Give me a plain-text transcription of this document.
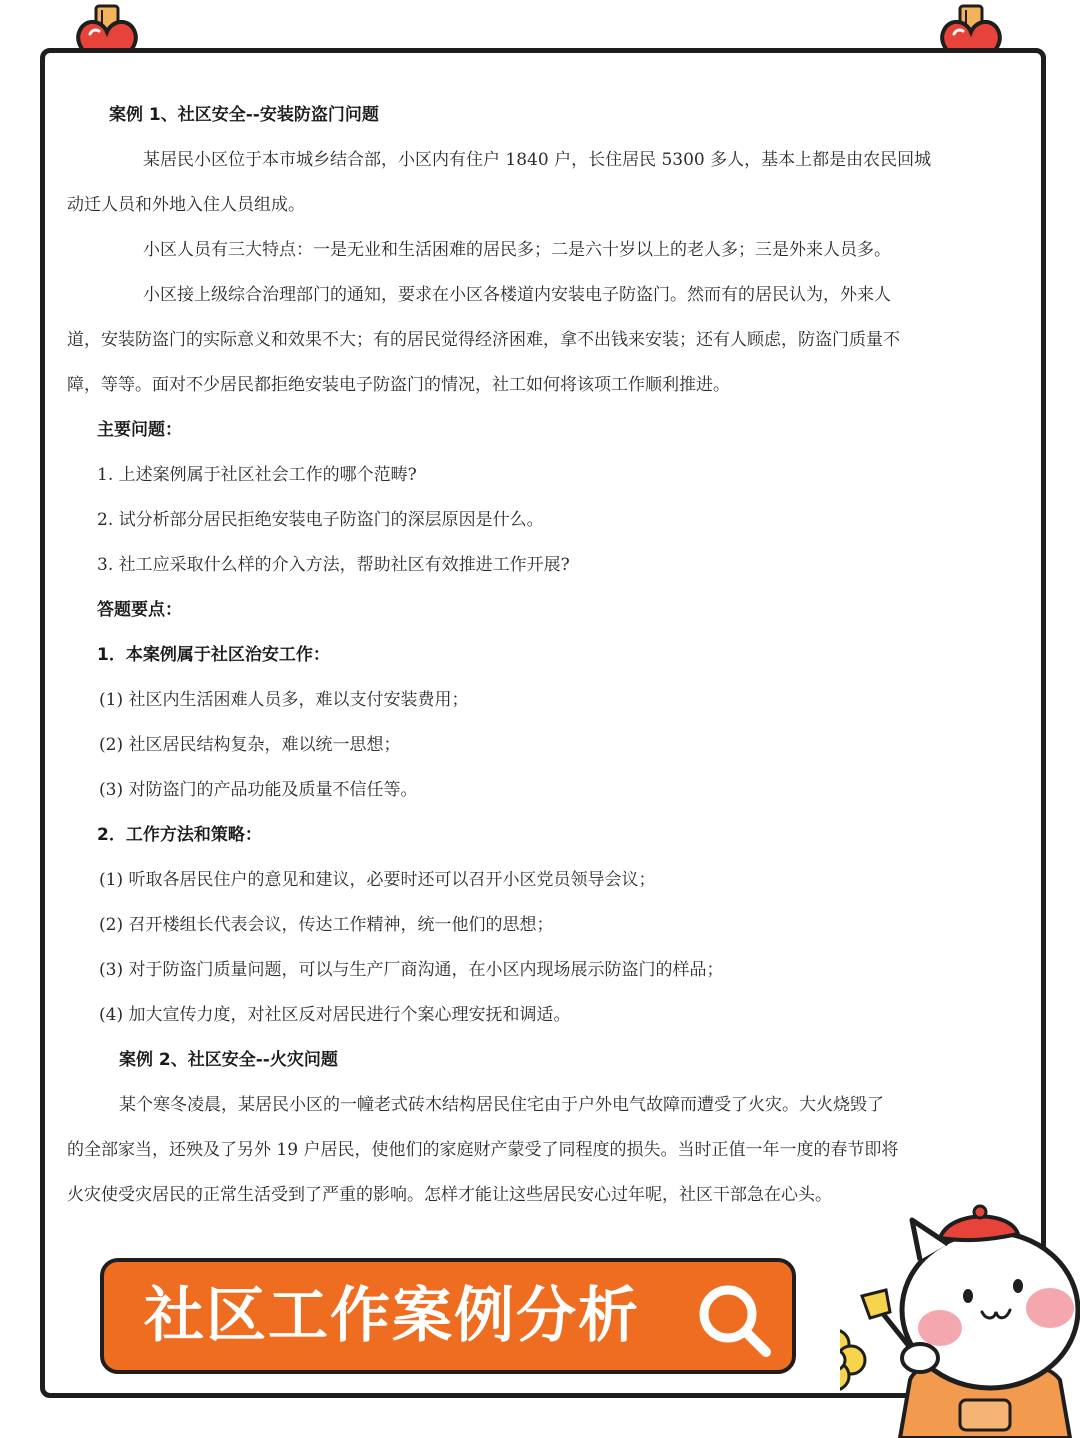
案例 1、社区安全--安装防盗门问题
某居民小区位于本市城乡结合部，小区内有住户 1840 户，长住居民 5300 多人，基本上都是由农民回城
动迁人员和外地入住人员组成。
小区人员有三大特点：一是无业和生活困难的居民多；二是六十岁以上的老人多；三是外来人员多。
小区接上级综合治理部门的通知，要求在小区各楼道内安装电子防盗门。然而有的居民认为，外来人
道，安装防盗门的实际意义和效果不大；有的居民觉得经济困难，拿不出钱来安装；还有人顾虑，防盗门质量不
障，等等。面对不少居民都拒绝安装电子防盗门的情况，社工如何将该项工作顺利推进。
主要问题：
1. 上述案例属于社区社会工作的哪个范畴?
2. 试分析部分居民拒绝安装电子防盗门的深层原因是什么。
3. 社工应采取什么样的介入方法，帮助社区有效推进工作开展?
答题要点：
1．本案例属于社区治安工作：
(1) 社区内生活困难人员多，难以支付安装费用；
(2) 社区居民结构复杂，难以统一思想；
(3) 对防盗门的产品功能及质量不信任等。
2．工作方法和策略：
(1) 听取各居民住户的意见和建议，必要时还可以召开小区党员领导会议；
(2) 召开楼组长代表会议，传达工作精神，统一他们的思想；
(3) 对于防盗门质量问题，可以与生产厂商沟通，在小区内现场展示防盗门的样品；
(4) 加大宣传力度，对社区反对居民进行个案心理安抚和调适。
案例 2、社区安全--火灾问题
某个寒冬凌晨，某居民小区的一幢老式砖木结构居民住宅由于户外电气故障而遭受了火灾。大火烧毁了
的全部家当，还殃及了另外 19 户居民，使他们的家庭财产蒙受了同程度的损失。当时正值一年一度的春节即将
火灾使受灾居民的正常生活受到了严重的影响。怎样才能让这些居民安心过年呢，社区干部急在心头。
社区工作案例分析
